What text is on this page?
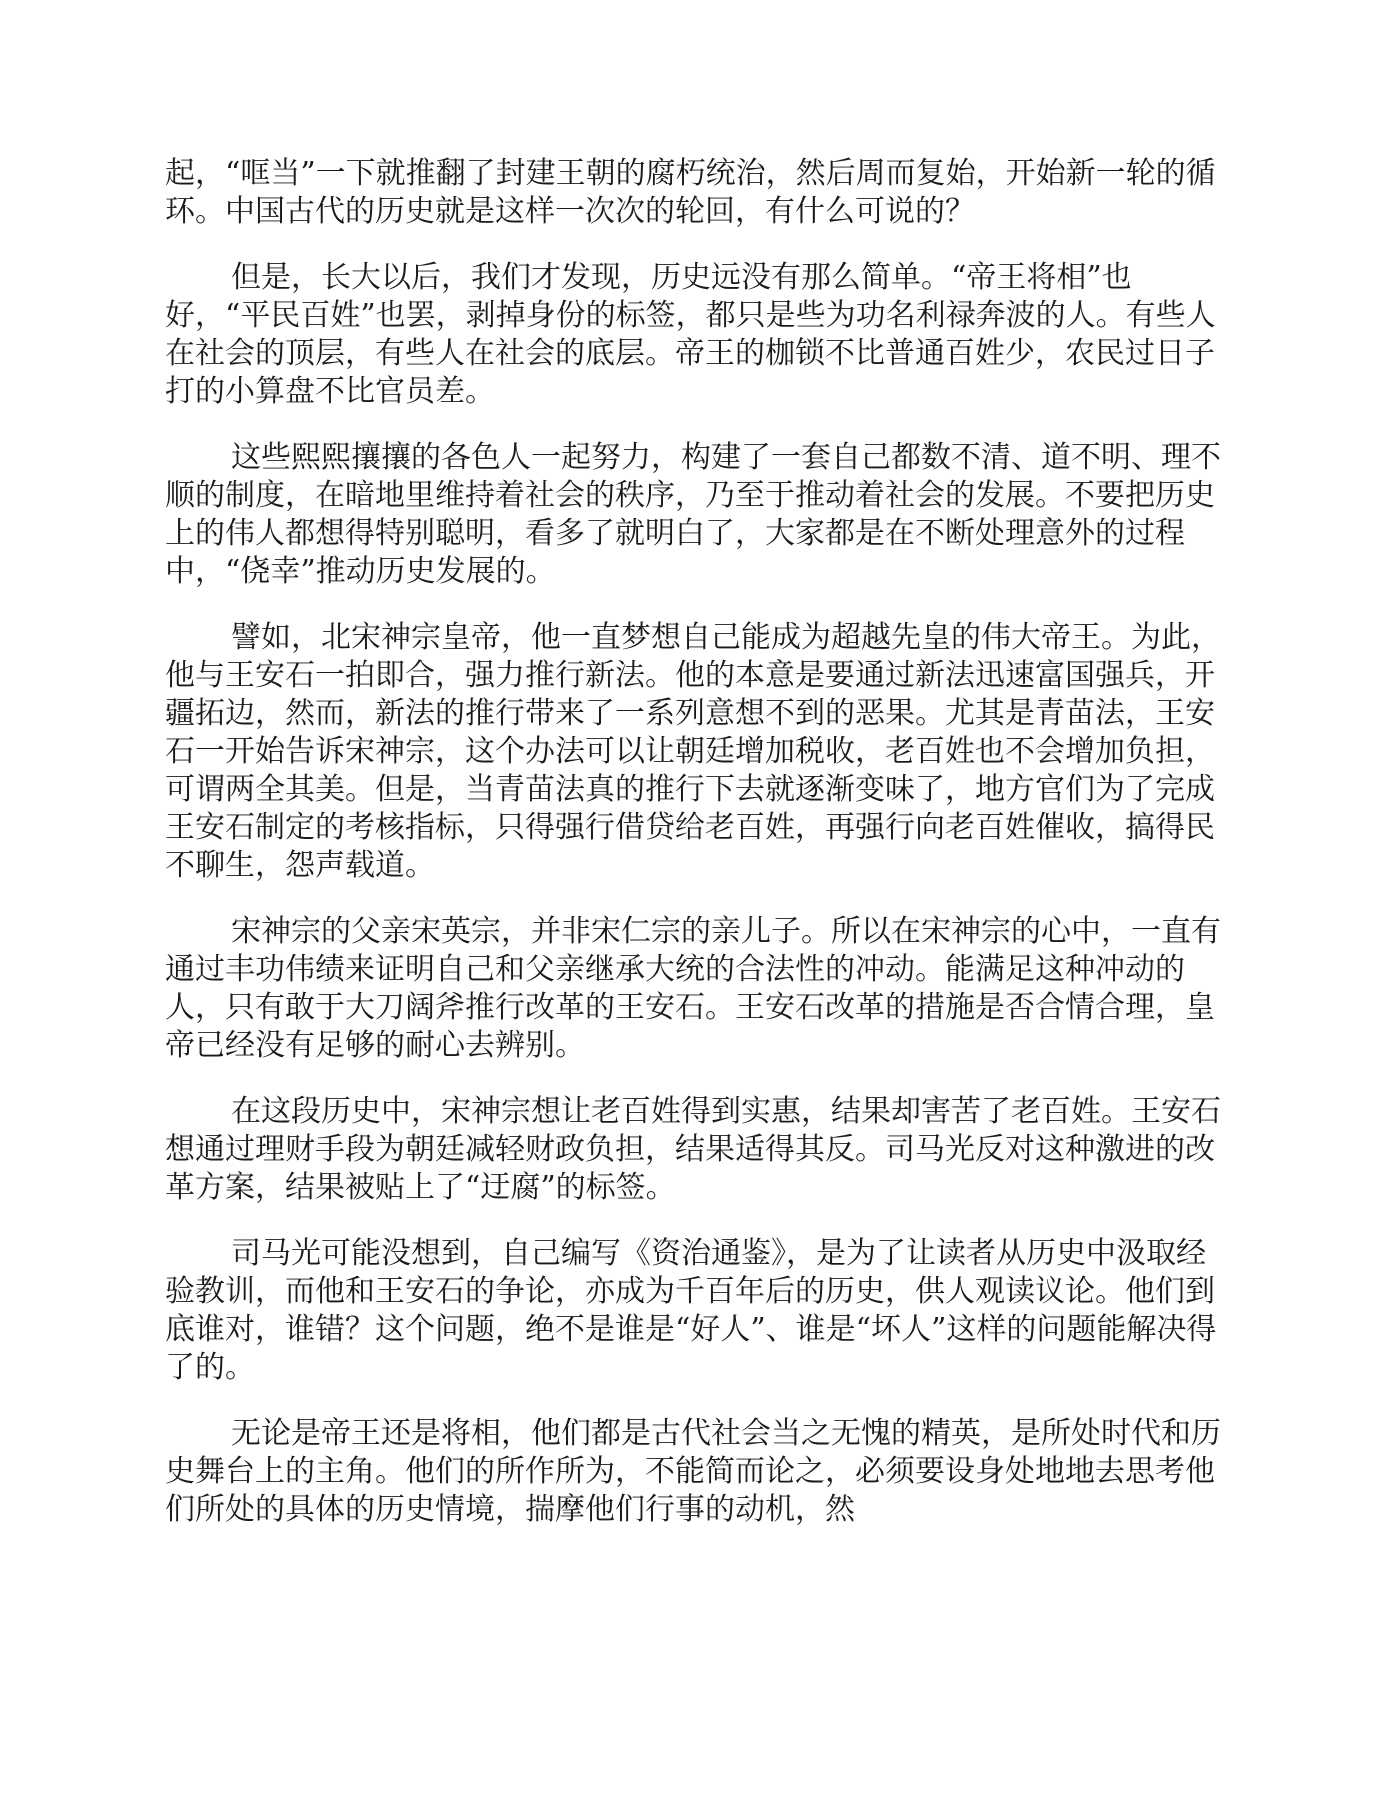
起，“哐当”一下就推翻了封建王朝的腐朽统治，然后周而复始，开始新一轮的循环。中国古代的历史就是这样一次次的轮回，有什么可说的？

但是，长大以后，我们才发现，历史远没有那么简单。“帝王将相”也好，“平民百姓”也罢，剥掉身份的标签，都只是些为功名利禄奔波的人。有些人在社会的顶层，有些人在社会的底层。帝王的枷锁不比普通百姓少，农民过日子打的小算盘不比官员差。

这些熙熙攘攘的各色人一起努力，构建了一套自己都数不清、道不明、理不顺的制度，在暗地里维持着社会的秩序，乃至于推动着社会的发展。不要把历史上的伟人都想得特别聪明，看多了就明白了，大家都是在不断处理意外的过程中，“侥幸”推动历史发展的。

譬如，北宋神宗皇帝，他一直梦想自己能成为超越先皇的伟大帝王。为此，他与王安石一拍即合，强力推行新法。他的本意是要通过新法迅速富国强兵，开疆拓边，然而，新法的推行带来了一系列意想不到的恶果。尤其是青苗法，王安石一开始告诉宋神宗，这个办法可以让朝廷增加税收，老百姓也不会增加负担，可谓两全其美。但是，当青苗法真的推行下去就逐渐变味了，地方官们为了完成王安石制定的考核指标，只得强行借贷给老百姓，再强行向老百姓催收，搞得民不聊生，怨声载道。

宋神宗的父亲宋英宗，并非宋仁宗的亲儿子。所以在宋神宗的心中，一直有通过丰功伟绩来证明自己和父亲继承大统的合法性的冲动。能满足这种冲动的人，只有敢于大刀阔斧推行改革的王安石。王安石改革的措施是否合情合理，皇帝已经没有足够的耐心去辨别。

在这段历史中，宋神宗想让老百姓得到实惠，结果却害苦了老百姓。王安石想通过理财手段为朝廷减轻财政负担，结果适得其反。司马光反对这种激进的改革方案，结果被贴上了“迂腐”的标签。

司马光可能没想到，自己编写《资治通鉴》，是为了让读者从历史中汲取经验教训，而他和王安石的争论，亦成为千百年后的历史，供人观读议论。他们到底谁对，谁错？这个问题，绝不是谁是“好人”、谁是“坏人”这样的问题能解决得了的。

无论是帝王还是将相，他们都是古代社会当之无愧的精英，是所处时代和历史舞台上的主角。他们的所作所为，不能简而论之，必须要设身处地地去思考他们所处的具体的历史情境，揣摩他们行事的动机，然
